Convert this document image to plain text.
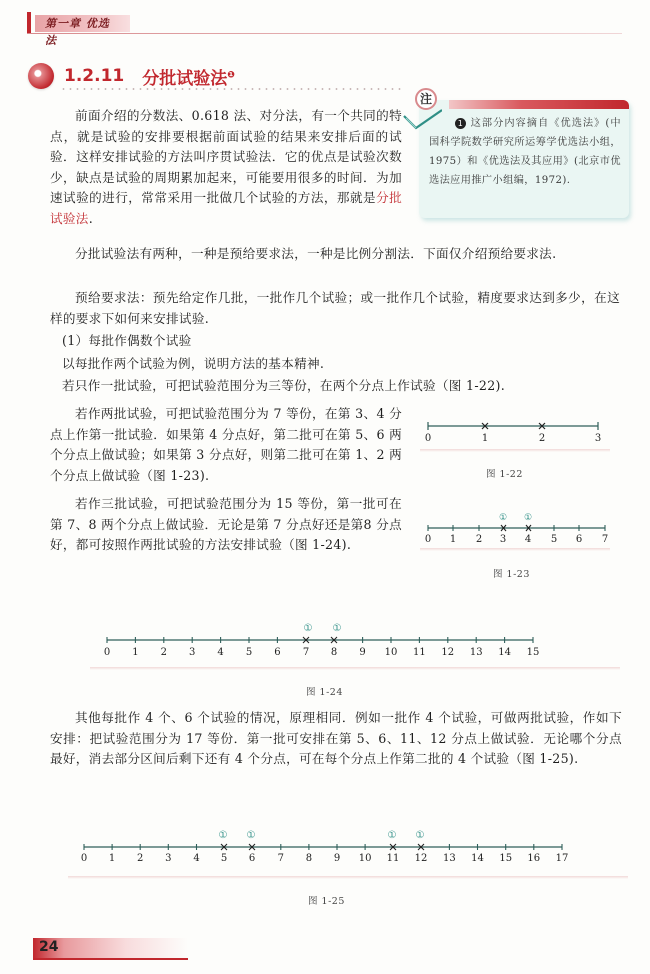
第一章 优选法
1.2.11 分批试验法$^❶$
1 这部分内容摘自《优选法》(中国科学院数学研究所运筹学优选法小组，1975）和《优选法及其应用》(北京市优选法应用推广小组编，1972).
注
前面介绍的分数法、0.618 法、对分法，有一个共同的特点，就是试验的安排要根据前面试验的结果来安排后面的试验．这样安排试验的方法叫序贯试验法．它的优点是试验次数少，缺点是试验的周期累加起来，可能要用很多的时间．为加速试验的进行，常常采用一批做几个试验的方法，那就是分批试验法.
分批试验法有两种，一种是预给要求法，一种是比例分割法．下面仅介绍预给要求法.
预给要求法：预先给定作几批，一批作几个试验；或一批作几个试验，精度要求达到多少，在这样的要求下如何来安排试验.
(1）每批作偶数个试验
以每批作两个试验为例，说明方法的基本精神.
若只作一批试验，可把试验范围分为三等份，在两个分点上作试验（图 1-22).
若作两批试验，可把试验范围分为 7 等份，在第 3、4 分点上作第一批试验．如果第 4 分点好，第二批可在第 5、6 两个分点上做试验；如果第 3 分点好，则第二批可在第 1、2 两个分点上做试验（图 1-23).
若作三批试验，可把试验范围分为 15 等份，第一批可在第 7、8 两个分点上做试验．无论是第 7 分点好还是第8 分点好，都可按照作两批试验的方法安排试验（图 1-24).
0	1	2	3
图 1-22
① ①
0 1 2 3 4 5 6 7
图 1-23
① ①
0 1 2 3 4 5 6 7 8 9 10 11 12 13 14 15
图 1-24
其他每批作 4 个、6 个试验的情况，原理相同．例如一批作 4 个试验，可做两批试验，作如下安排：把试验范围分为 17 等份．第一批可安排在第 5、6、11、12 分点上做试验．无论哪个分点最好，消去部分区间后剩下还有 4 个分点，可在每个分点上作第二批的 4 个试验（图 1-25).
① ①	① ①
0 1 2 3 4 5 6 7 8 9 10 11 12 13 14 15 16 17
图 1-25
24
